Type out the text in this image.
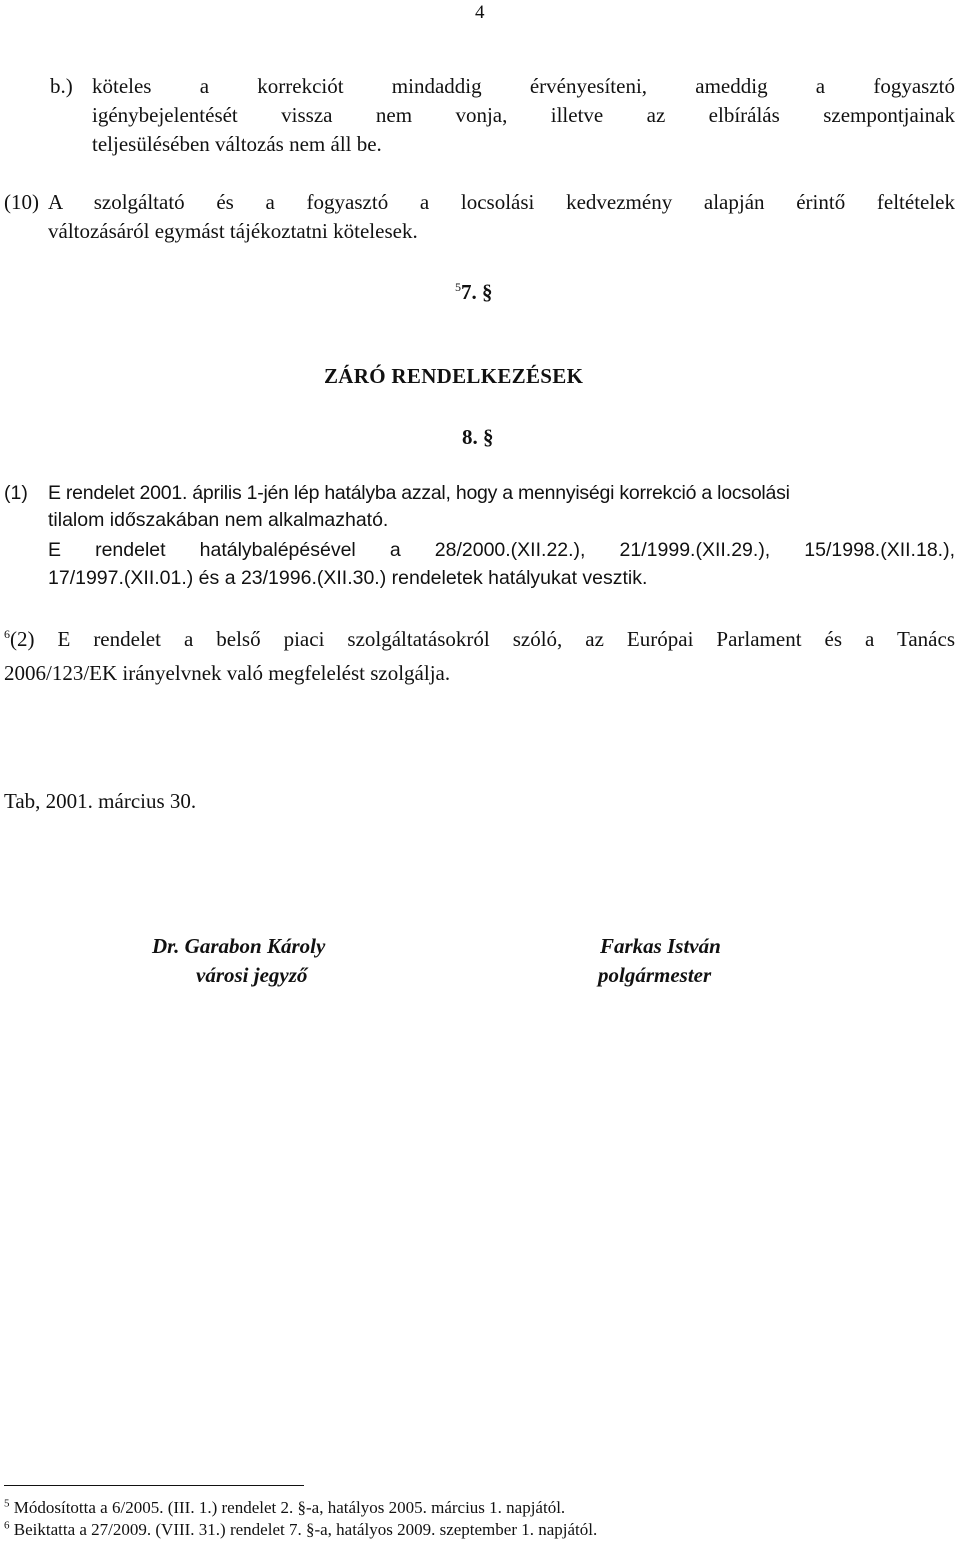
4
b.) köteles a korrekciót mindaddig érvényesíteni, ameddig a fogyasztó
igénybejelentését vissza nem vonja, illetve az elbírálás szempontjainak
teljesülésében változás nem áll be.
(10) A szolgáltató és a fogyasztó a locsolási kedvezmény alapján érintő feltételek
változásáról egymást tájékoztatni kötelesek.
$^5$7. §
ZÁRÓ RENDELKEZÉSEK
8. §
(1) E rendelet 2001. április 1-jén lép hatályba azzal, hogy a mennyiségi korrekció a locsolási
tilalom időszakában nem alkalmazható.
E rendelet hatálybalépésével a 28/2000.(XII.22.), 21/1999.(XII.29.), 15/1998.(XII.18.),
17/1997.(XII.01.) és a 23/1996.(XII.30.) rendeletek hatályukat vesztik.
$^6$(2) E rendelet a belső piaci szolgáltatásokról szóló, az Európai Parlament és a Tanács
2006/123/EK irányelvnek való megfelelést szolgálja.
Tab, 2001. március 30.
Dr. Garabon Károly
városi jegyző
Farkas István
polgármester
$^5$ Módosította a 6/2005. (III. 1.) rendelet 2. §-a, hatályos 2005. március 1. napjától.
$^6$ Beiktatta a 27/2009. (VIII. 31.) rendelet 7. §-a, hatályos 2009. szeptember 1. napjától.
